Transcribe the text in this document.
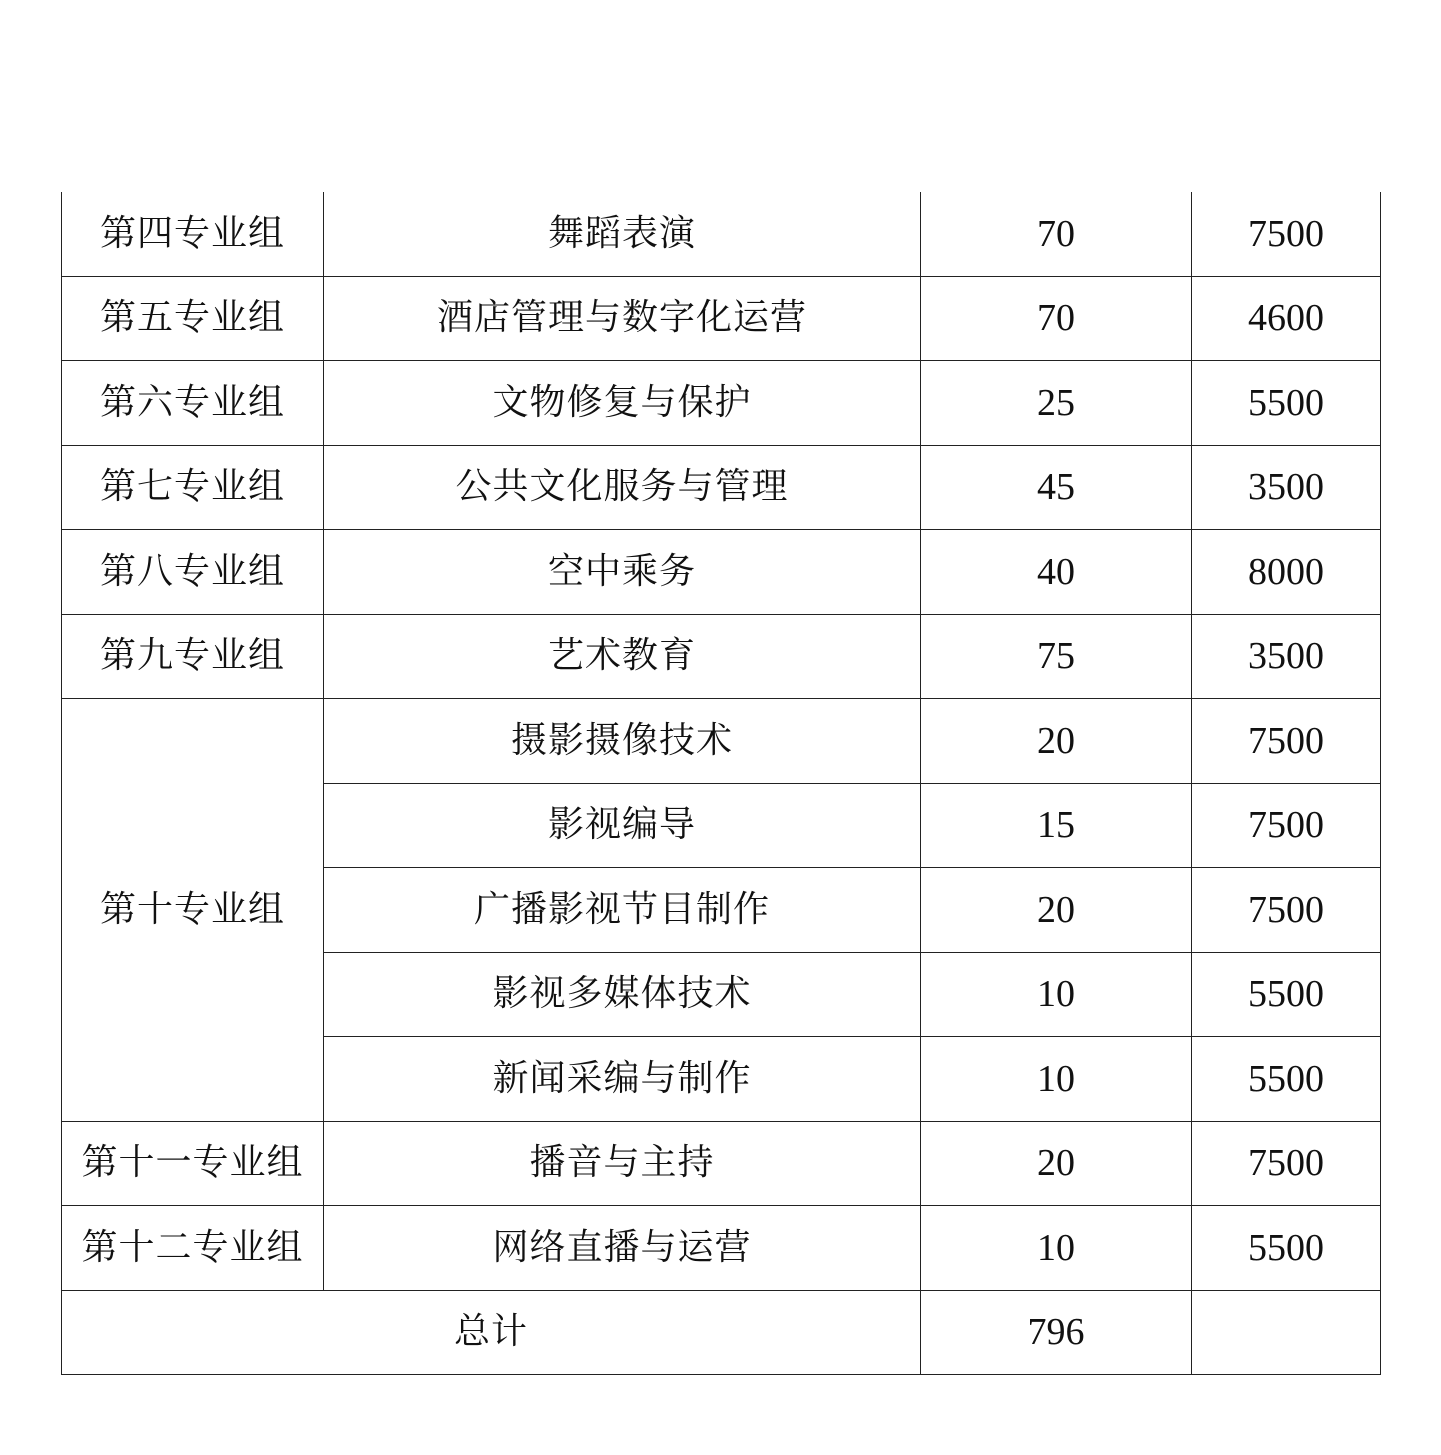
第四专业组	舞蹈表演	70	7500
第五专业组	酒店管理与数字化运营	70	4600
第六专业组	文物修复与保护	25	5500
第七专业组	公共文化服务与管理	45	3500
第八专业组	空中乘务	40	8000
第九专业组	艺术教育	75	3500
第十专业组	摄影摄像技术	20	7500
	影视编导	15	7500
	广播影视节目制作	20	7500
	影视多媒体技术	10	5500
	新闻采编与制作	10	5500
第十一专业组	播音与主持	20	7500
第十二专业组	网络直播与运营	10	5500
总计		796	
